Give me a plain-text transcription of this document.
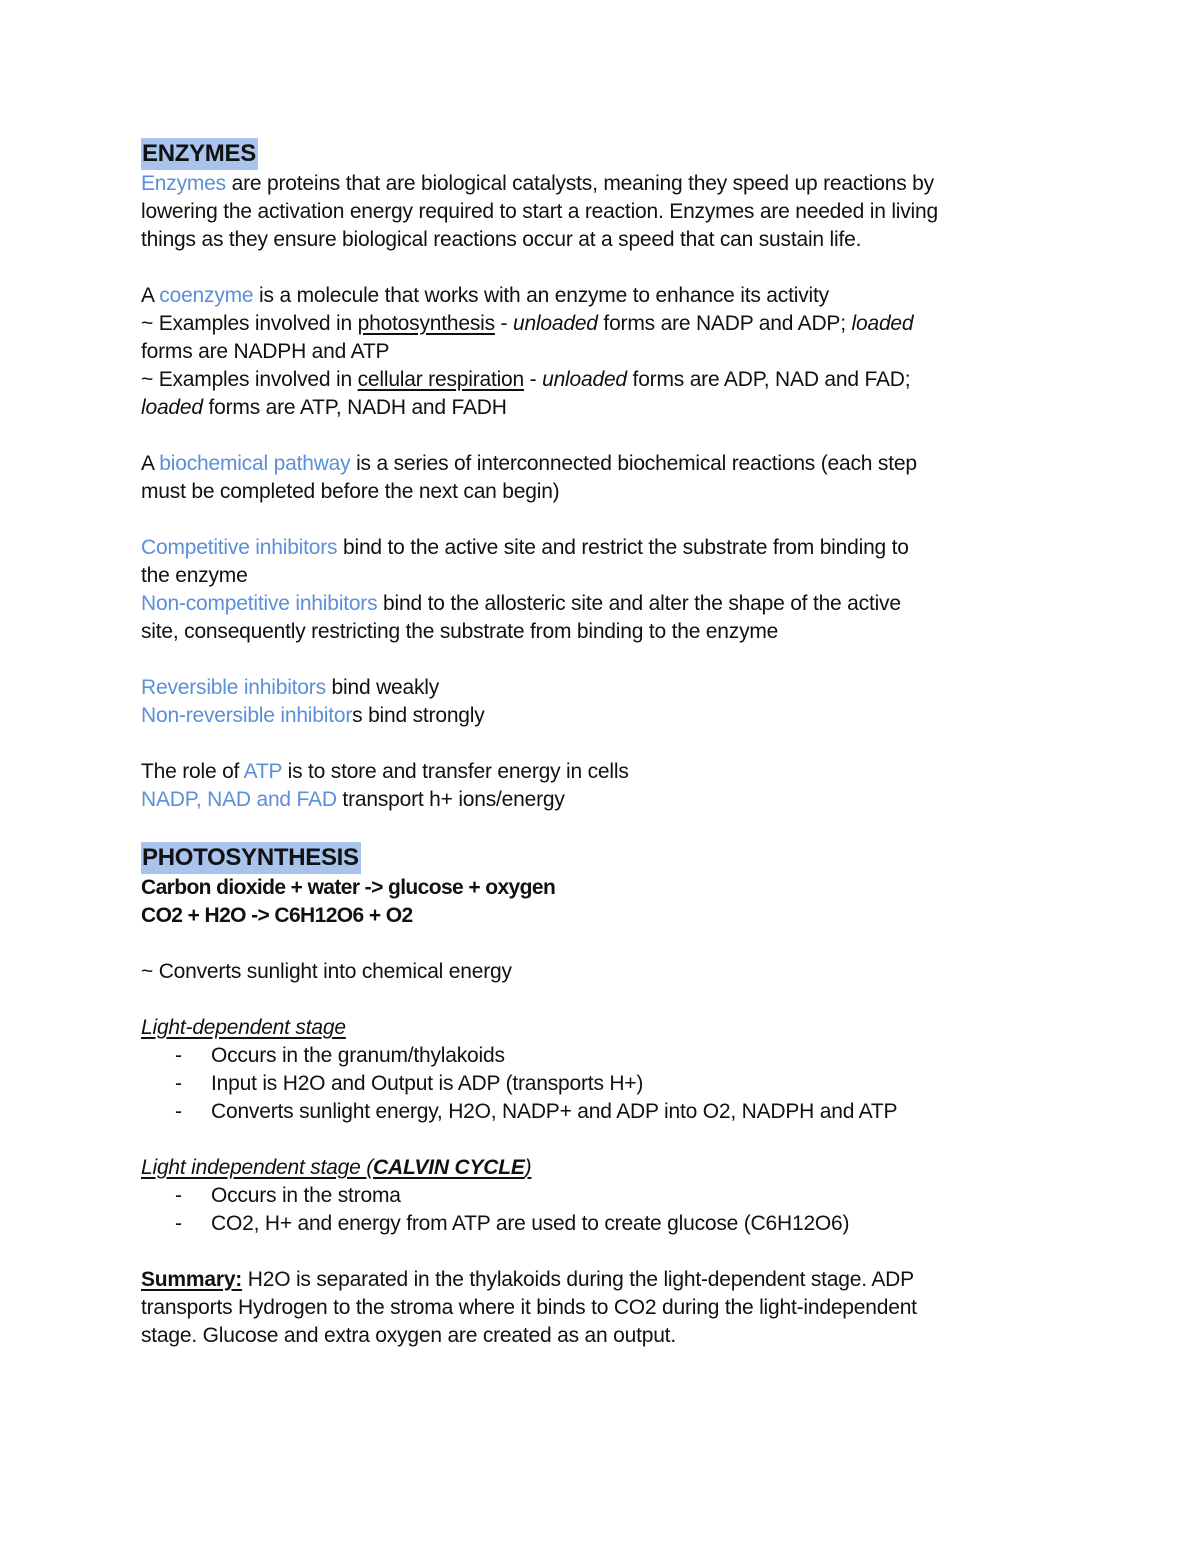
ENZYMES

Enzymes are proteins that are biological catalysts, meaning they speed up reactions by

lowering the activation energy required to start a reaction. Enzymes are needed in living

things as they ensure biological reactions occur at a speed that can sustain life.

A coenzyme is a molecule that works with an enzyme to enhance its activity

~ Examples involved in photosynthesis - unloaded forms are NADP and ADP; loaded

forms are NADPH and ATP

~ Examples involved in cellular respiration - unloaded forms are ADP, NAD and FAD;

loaded forms are ATP, NADH and FADH

A biochemical pathway is a series of interconnected biochemical reactions (each step

must be completed before the next can begin)

Competitive inhibitors bind to the active site and restrict the substrate from binding to

the enzyme

Non-competitive inhibitors bind to the allosteric site and alter the shape of the active

site, consequently restricting the substrate from binding to the enzyme

Reversible inhibitors bind weakly

Non-reversible inhibitors bind strongly

The role of ATP is to store and transfer energy in cells

NADP, NAD and FAD transport h+ ions/energy

PHOTOSYNTHESIS

Carbon dioxide + water -> glucose + oxygen

CO2 + H2O -> C6H12O6 + O2

~ Converts sunlight into chemical energy

Light-dependent stage

- Occurs in the granum/thylakoids
- Input is H2O and Output is ADP (transports H+)
- Converts sunlight energy, H2O, NADP+ and ADP into O2, NADPH and ATP

Light independent stage (CALVIN CYCLE)

- Occurs in the stroma
- CO2, H+ and energy from ATP are used to create glucose (C6H12O6)

Summary: H2O is separated in the thylakoids during the light-dependent stage. ADP

transports Hydrogen to the stroma where it binds to CO2 during the light-independent

stage. Glucose and extra oxygen are created as an output.
